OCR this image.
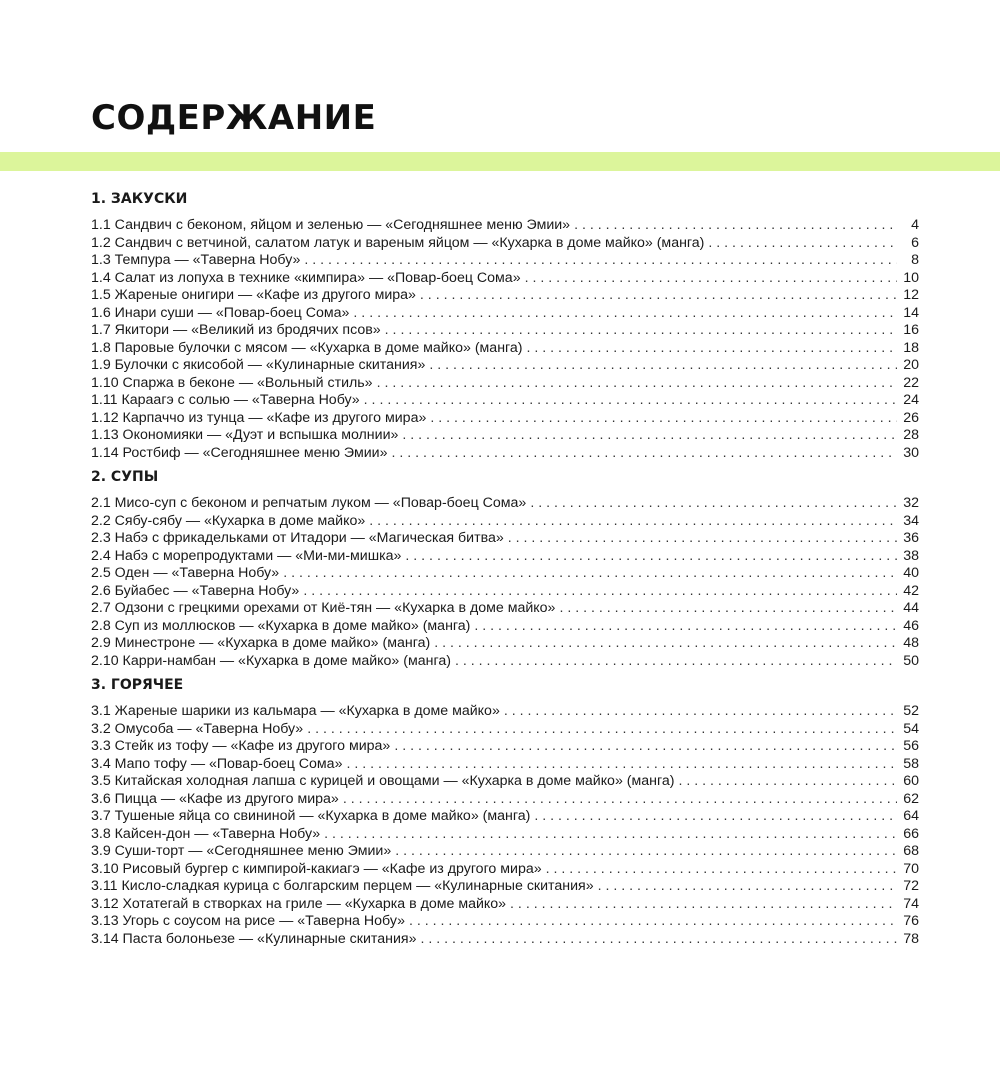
СОДЕРЖАНИЕ
1. ЗАКУСКИ
1.1 Сандвич с беконом, яйцом и зеленью — «Сегодняшнее меню Эмии» . . .	4
1.2 Сандвич с ветчиной, салатом латук и вареным яйцом — «Кухарка в доме майко» (манга) . . .	6
1.3 Темпура — «Таверна Нобу» . . .	8
1.4 Салат из лопуха в технике «кимпира» — «Повар-боец Сома» . . .	10
1.5 Жареные онигири — «Кафе из другого мира» . . .	12
1.6 Инари суши — «Повар-боец Сома» . . .	14
1.7 Якитори — «Великий из бродячих псов» . . .	16
1.8 Паровые булочки с мясом — «Кухарка в доме майко» (манга) . . .	18
1.9 Булочки с якисобой — «Кулинарные скитания» . . .	20
1.10 Спаржа в беконе — «Вольный стиль» . . .	22
1.11 Караагэ с солью — «Таверна Нобу» . . .	24
1.12 Карпаччо из тунца — «Кафе из другого мира» . . .	26
1.13 Окономияки — «Дуэт и вспышка молнии» . . .	28
1.14 Ростбиф — «Сегодняшнее меню Эмии» . . .	30
2. СУПЫ
2.1 Мисо-суп с беконом и репчатым луком — «Повар-боец Сома» . . .	32
2.2 Сябу-сябу — «Кухарка в доме майко» . . .	34
2.3 Набэ с фрикадельками от Итадори — «Магическая битва» . . .	36
2.4 Набэ с морепродуктами — «Ми-ми-мишка» . . .	38
2.5 Оден — «Таверна Нобу» . . .	40
2.6 Буйабес — «Таверна Нобу» . . .	42
2.7 Одзони с грецкими орехами от Киё-тян — «Кухарка в доме майко» . . .	44
2.8 Суп из моллюсков — «Кухарка в доме майко» (манга) . . .	46
2.9 Минестроне — «Кухарка в доме майко» (манга) . . .	48
2.10 Карри-намбан — «Кухарка в доме майко» (манга) . . .	50
3. ГОРЯЧЕЕ
3.1 Жареные шарики из кальмара — «Кухарка в доме майко» . . .	52
3.2 Омусоба — «Таверна Нобу» . . .	54
3.3 Стейк из тофу — «Кафе из другого мира» . . .	56
3.4 Мапо тофу — «Повар-боец Сома» . . .	58
3.5 Китайская холодная лапша с курицей и овощами — «Кухарка в доме майко» (манга) . . .	60
3.6 Пицца — «Кафе из другого мира» . . .	62
3.7 Тушеные яйца со свининой — «Кухарка в доме майко» (манга) . . .	64
3.8 Кайсен-дон — «Таверна Нобу» . . .	66
3.9 Суши-торт — «Сегодняшнее меню Эмии» . . .	68
3.10 Рисовый бургер с кимпирой-какиагэ — «Кафе из другого мира» . . .	70
3.11 Кисло-сладкая курица с болгарским перцем — «Кулинарные скитания» . . .	72
3.12 Хотатегай в створках на гриле — «Кухарка в доме майко» . . .	74
3.13 Угорь с соусом на рисе — «Таверна Нобу» . . .	76
3.14 Паста болоньезе — «Кулинарные скитания» . . .	78
